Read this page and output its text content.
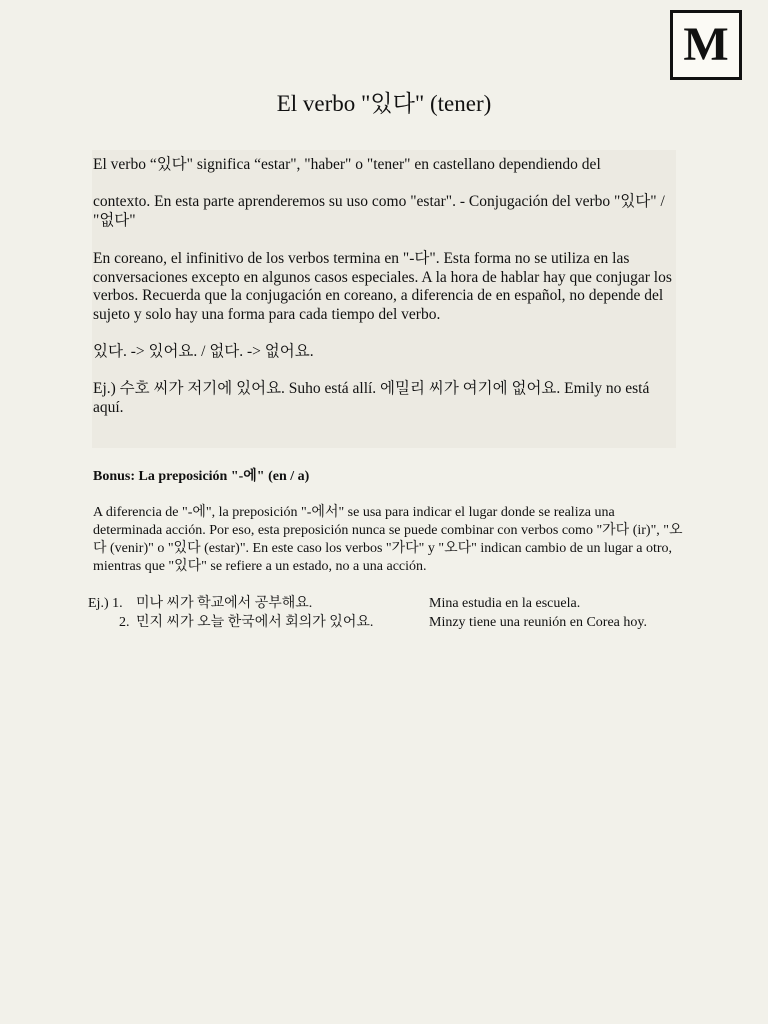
M
El verbo "있다" (tener)

El verbo “있다" significa “estar", "haber" o "tener" en castellano dependiendo del

contexto. En esta parte aprenderemos su uso como "estar". - Conjugación del verbo "있다" / "없다"

En coreano, el infinitivo de los verbos termina en "-다". Esta forma no se utiliza en las conversaciones excepto en algunos casos especiales. A la hora de hablar hay que conjugar los verbos. Recuerda que la conjugación en coreano, a diferencia de en español, no depende del sujeto y solo hay una forma para cada tiempo del verbo.

있다. -> 있어요. / 없다. -> 없어요.

Ej.) 수호 씨가 저기에 있어요. Suho está allí. 에밀리 씨가 여기에 없어요. Emily no está aquí.

Bonus: La preposición "-에" (en / a)

A diferencia de "-에", la preposición "-에서" se usa para indicar el lugar donde se realiza una determinada acción. Por eso, esta preposición nunca se puede combinar con verbos como "가다 (ir)", "오다 (venir)" o "있다 (estar)". En este caso los verbos "가다" y "오다" indican cambio de un lugar a otro, mientras que "있다" se refiere a un estado, no a una acción.

Ej.) 1. 미나 씨가 학교에서 공부해요.	Mina estudia en la escuela.
2. 민지 씨가 오늘 한국에서 회의가 있어요.	Minzy tiene una reunión en Corea hoy.
